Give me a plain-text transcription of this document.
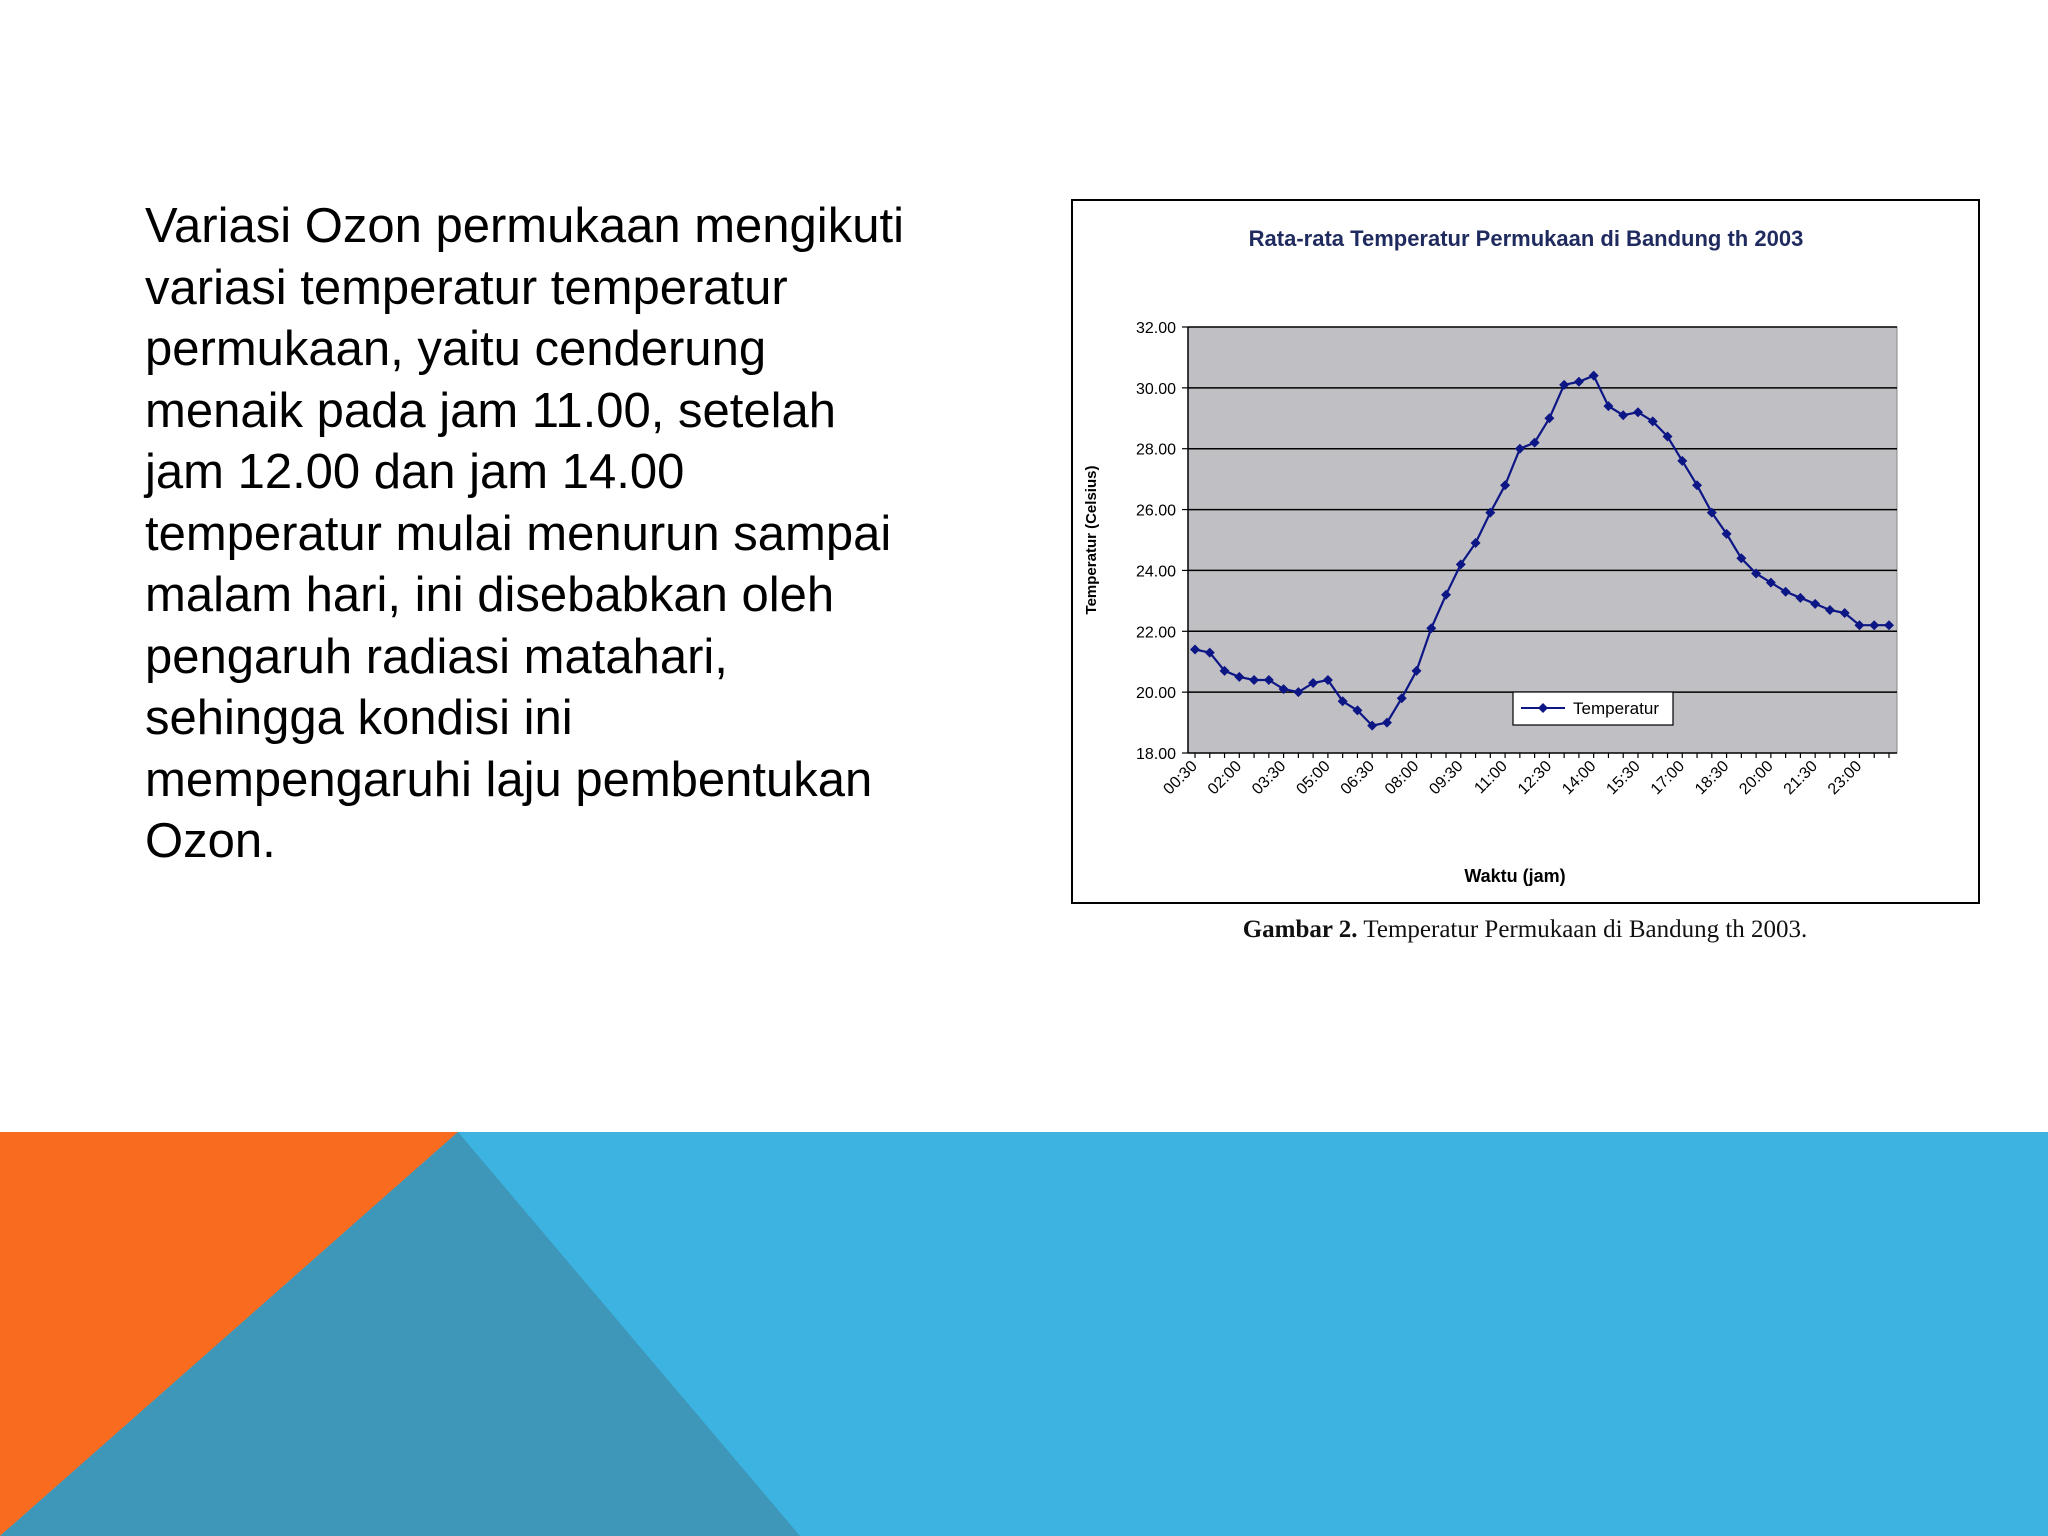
Variasi Ozon permukaan mengikuti
variasi temperatur temperatur
permukaan, yaitu cenderung
menaik pada jam 11.00, setelah
jam 12.00 dan jam 14.00
temperatur mulai menurun sampai
malam hari, ini disebabkan oleh
pengaruh radiasi matahari,
sehingga kondisi ini
mempengaruhi laju pembentukan
Ozon.
Rata-rata Temperatur Permukaan di Bandung th 2003
18.00
20.00
22.00
24.00
26.00
28.00
30.00
32.00
00:30 02:00 03:30 05:00 06:30 08:00 09:30 11:00 12:30 14:00 15:30 17:00 18:30 20:00 21:30 23:00
Temperatur (Celsius)
Waktu (jam)
Temperatur
Gambar 2. Temperatur Permukaan di Bandung th 2003.
